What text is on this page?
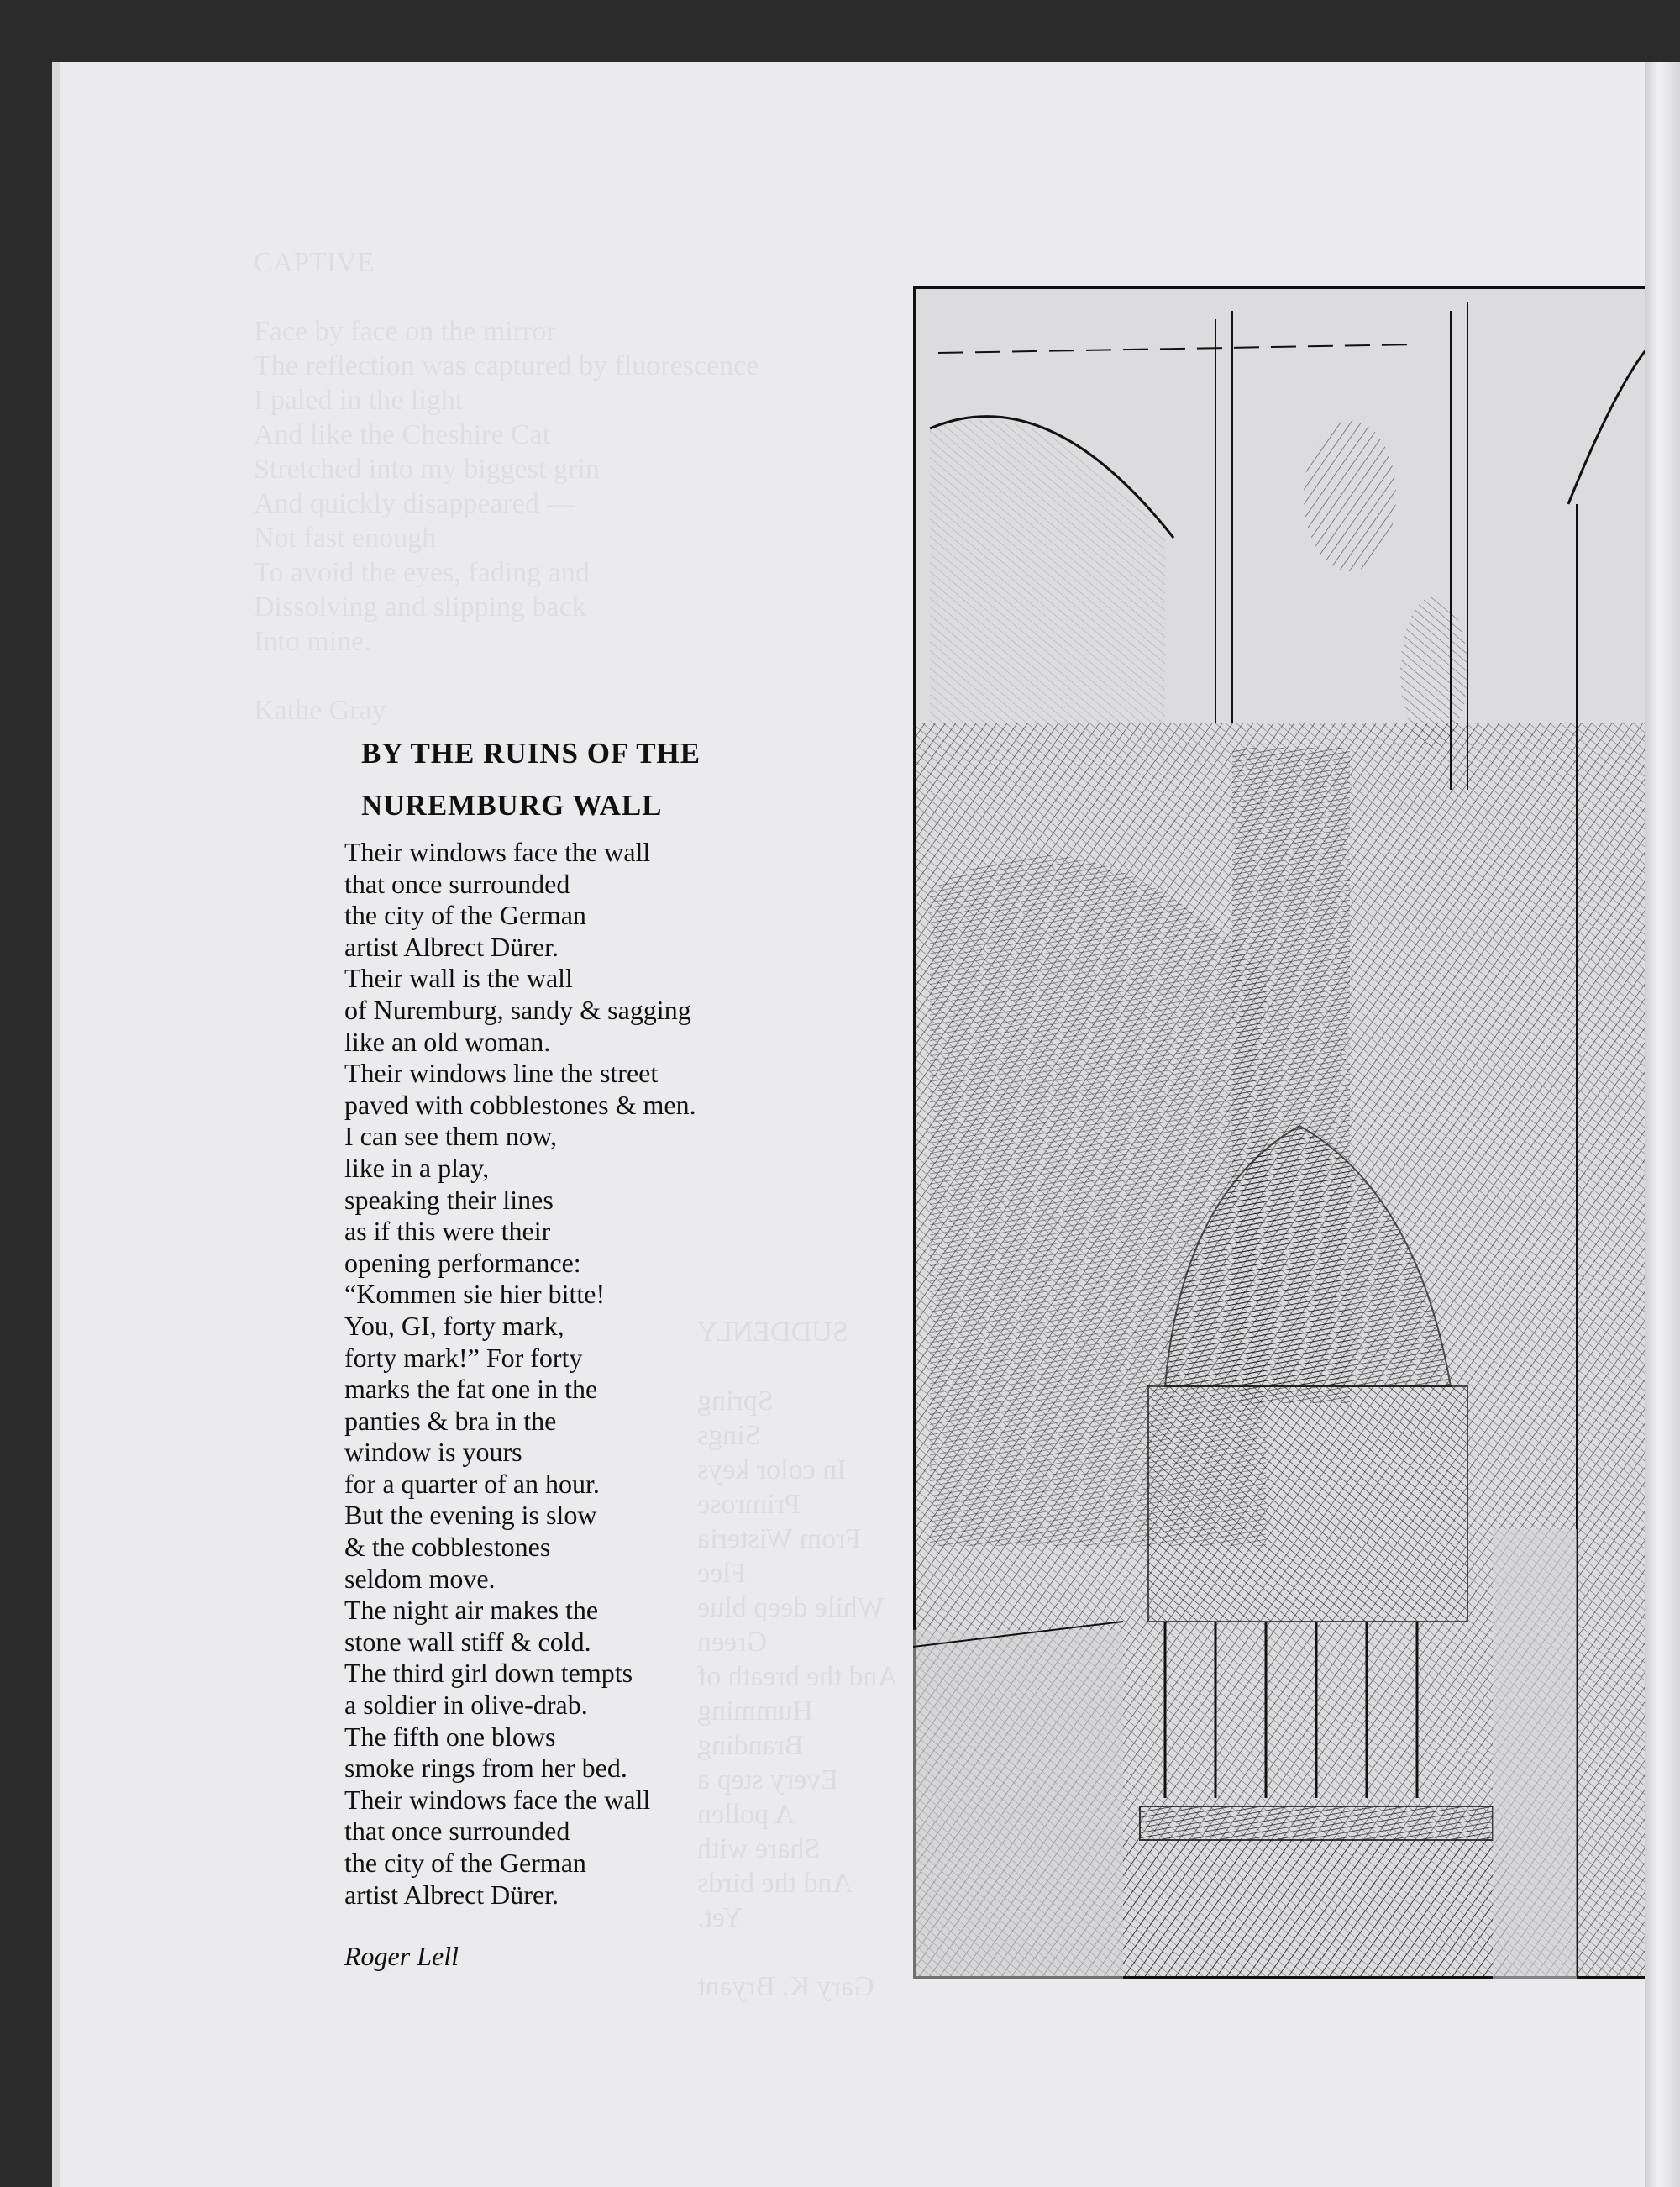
CAPTIVE

Face by face on the mirror
The reflection was captured by fluorescence
I paled in the light
And like the Cheshire Cat
Stretched into my biggest grin
And quickly disappeared —
Not fast enough
To avoid the eyes, fading and
Dissolving and slipping back
Into mine.

Kathe Gray
SUDDENLY

Spring
Sings
In color keys
Primrose
From Wisteria
Flee
While deep blue
Green
And the breath of
Humming
Branding
Every step a
A pollen
Share with
And the birds
Yet.

Gary K. Bryant
BY THE RUINS OF THE
NUREMBURG WALL
Their windows face the wall
that once surrounded
the city of the German
artist Albrect Dürer.
Their wall is the wall
of Nuremburg, sandy & sagging
like an old woman.
Their windows line the street
paved with cobblestones & men.
I can see them now,
like in a play,
speaking their lines
as if this were their
opening performance:
“Kommen sie hier bitte!
You, GI, forty mark,
forty mark!” For forty
marks the fat one in the
panties & bra in the
window is yours
for a quarter of an hour.
But the evening is slow
& the cobblestones
seldom move.
The night air makes the
stone wall stiff & cold.
The third girl down tempts
a soldier in olive-drab.
The fifth one blows
smoke rings from her bed.
Their windows face the wall
that once surrounded
the city of the German
artist Albrect Dürer.
Roger Lell
